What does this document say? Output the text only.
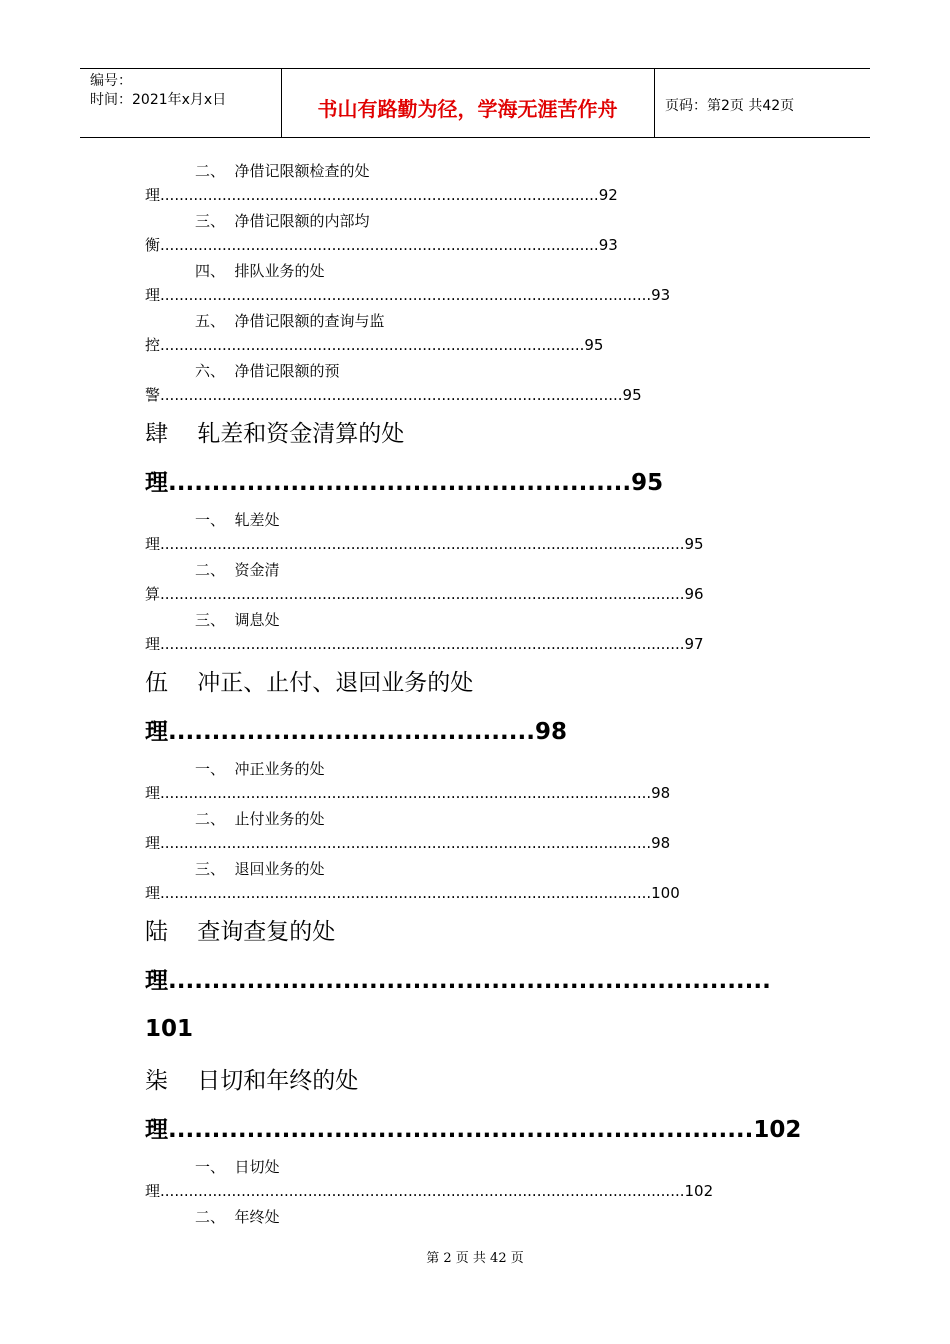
编号：
时间：2021年x月x日	书山有路勤为径，学海无涯苦作舟	页码：第2页 共42页
二、  净借记限额检查的处
理............................................................................................92
三、  净借记限额的内部均
衡............................................................................................93
四、  排队业务的处
理.......................................................................................................93
五、  净借记限额的查询与监
控.........................................................................................95
六、  净借记限额的预
警.................................................................................................95
肆    轧差和资金清算的处
理.....................................................95
一、  轧差处
理..............................................................................................................95
二、  资金清
算..............................................................................................................96
三、  调息处
理..............................................................................................................97
伍    冲正、止付、退回业务的处
理..........................................98
一、  冲正业务的处
理.......................................................................................................98
二、  止付业务的处
理.......................................................................................................98
三、  退回业务的处
理.......................................................................................................100
陆    查询查复的处
理.....................................................................
101
柒    日切和年终的处
理...................................................................102
一、  日切处
理..............................................................................................................102
二、  年终处
第 2 页 共 42 页
